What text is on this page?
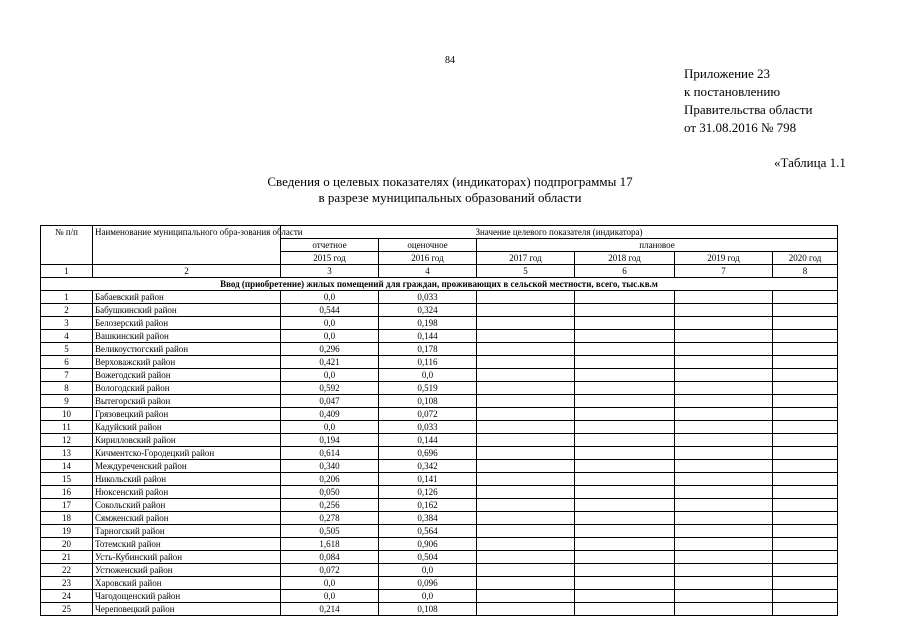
84
Приложение 23
к постановлению
Правительства области
от 31.08.2016 № 798
«Таблица 1.1
Сведения о целевых показателях (индикаторах) подпрограммы 17
в разрезе муниципальных образований области
№ п/п	Наименование муниципального обра-зования области	Значение целевого показателя (индикатора)					
		отчетное	оценочное	плановое			
		2015 год	2016 год	2017 год	2018 год	2019 год	2020 год
1	2	3	4	5	6	7	8
Ввод (приобретение) жилых помещений для граждан, проживающих в сельской местности, всего, тыс.кв.м							
1	Бабаевский район	0,0	0,033				
2	Бабушкинский район	0,544	0,324				
3	Белозерский район	0,0	0,198				
4	Вашкинский район	0,0	0,144				
5	Великоустюгский район	0,296	0,178				
6	Верховажский район	0,421	0,116				
7	Вожегодский район	0,0	0,0				
8	Вологодский район	0,592	0,519				
9	Вытегорский район	0,047	0,108				
10	Грязовецкий район	0,409	0,072				
11	Кадуйский район	0,0	0,033				
12	Кирилловский район	0,194	0,144				
13	Кичментско-Городецкий район	0,614	0,696				
14	Междуреченский район	0,340	0,342				
15	Никольский район	0,206	0,141				
16	Нюксенский район	0,050	0,126				
17	Сокольский район	0,256	0,162				
18	Сямженский район	0,278	0,384				
19	Тарногский район	0,505	0,564				
20	Тотемский район	1,618	0,906				
21	Усть-Кубинский район	0,084	0,504				
22	Устюженский район	0,072	0,0				
23	Харовский район	0,0	0,096				
24	Чагодощенский район	0,0	0,0				
25	Череповецкий район	0,214	0,108				
